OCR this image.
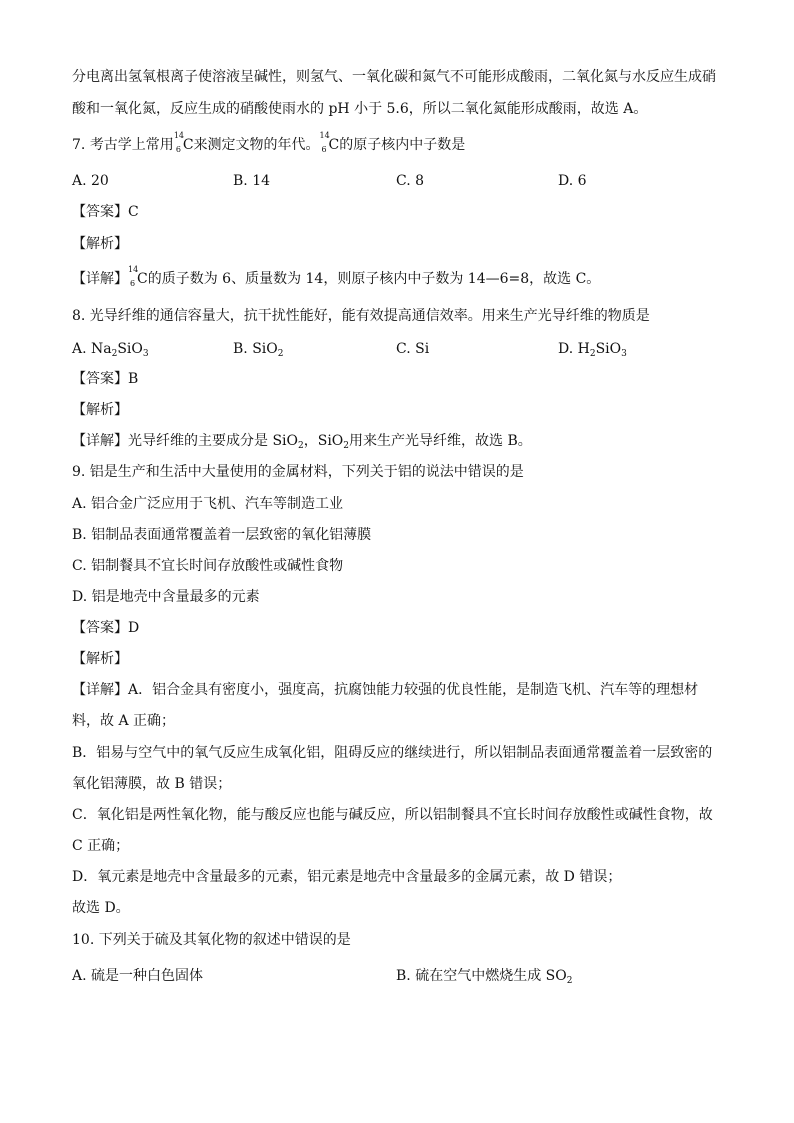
分电离出氢氧根离子使溶液呈碱性，则氢气、一氧化碳和氮气不可能形成酸雨，二氧化氮与水反应生成硝
酸和一氧化氮，反应生成的硝酸使雨水的 pH 小于 5.6，所以二氧化氮能形成酸雨，故选 A。
7. 考古学上常用
14
6 C来测定文物的年代。
14
6 C的原子核内中子数是
A. 20	B. 14	C. 8	D. 6
【答案】C
【解析】
【详解】
14
6 C的质子数为 6、质量数为 14，则原子核内中子数为 14—6=8，故选 C。
8. 光导纤维的通信容量大，抗干扰性能好，能有效提高通信效率。用来生产光导纤维的物质是
A. $Na_2SiO_3$	B. SiO$_2$	C. Si	D. $H_2SiO_3$
【答案】B
【解析】
【详解】光导纤维的主要成分是 SiO$_2$，SiO$_2$用来生产光导纤维，故选 B。
9. 铝是生产和生活中大量使用的金属材料，下列关于铝的说法中错误的是
A. 铝合金广泛应用于飞机、汽车等制造工业
B. 铝制品表面通常覆盖着一层致密的氧化铝薄膜
C. 铝制餐具不宜长时间存放酸性或碱性食物
D. 铝是地壳中含量最多的元素
【答案】D
【解析】
【详解】A．铝合金具有密度小，强度高，抗腐蚀能力较强的优良性能，是制造飞机、汽车等的理想材
料，故 A 正确；
B．铝易与空气中的氧气反应生成氧化铝，阻碍反应的继续进行，所以铝制品表面通常覆盖着一层致密的
氧化铝薄膜，故 B 错误；
C．氧化铝是两性氧化物，能与酸反应也能与碱反应，所以铝制餐具不宜长时间存放酸性或碱性食物，故
C 正确；
D．氧元素是地壳中含量最多的元素，铝元素是地壳中含量最多的金属元素，故 D 错误；
故选 D。
10. 下列关于硫及其氧化物的叙述中错误的是
A. 硫是一种白色固体	B. 硫在空气中燃烧生成 $SO_2$
